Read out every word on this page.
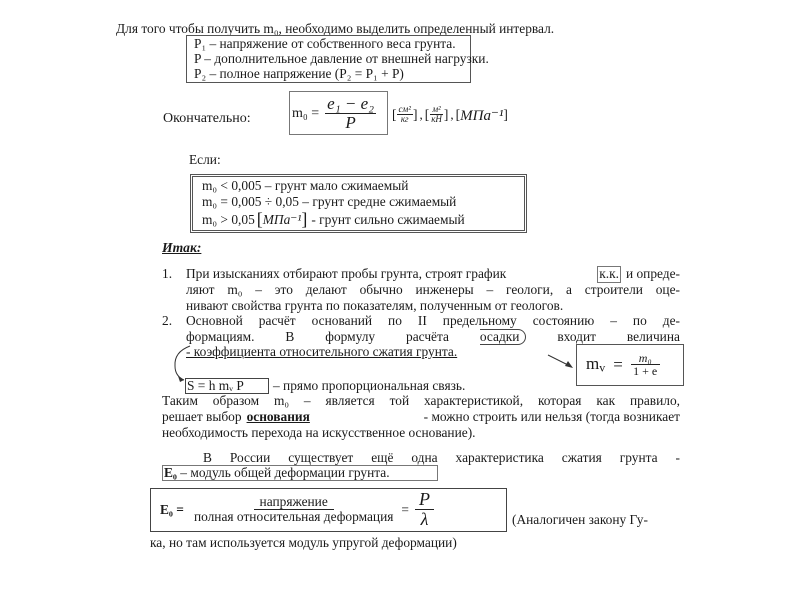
Для того чтобы получить m₀, необходимо выделить определенный интервал.
P₁ – напряжение от собственного веса грунта.
P – дополнительное давление от внешней нагрузки.
P₂ – полное напряжение (P₂ = P₁ + P)
Окончательно:	$m_0 = \frac{\text{e₁ − e₂}}{P}$ [ $\frac{\text{см²}}{кг}$ ] , [ $\frac{\text{м²}}{кН}$ ] , [ МПа⁻¹ ]
Если:
m₀ < 0,005 – грунт мало сжимаемый
m₀ = 0,005 ÷ 0,05 – грунт средне сжимаемый
m₀ > 0,05 [ МПа⁻¹ ] - грунт сильно сжимаемый
Итак:
1. При изысканиях отбирают пробы грунта, строят график	к.к. и опреде-
ляют m₀ – это делают обычно инженеры – геологи, а строители оце-
нивают свойства грунта по показателям, полученным от геологов.
2. Основной расчёт оснований по II предельному состоянию – по де-
формациям. В формулу расчёта осадки	входит величина
- коэффициента относительного сжатия грунта.
$m_v = \frac{\text{m₀}}{1 + e}$
S = h mᵥ P – прямо пропорциональная связь.
Таким образом m₀ – является той характеристикой, которая как правило,
решает выбор основания	- можно строить или нельзя (тогда возникает
необходимость перехода на искусственное основание).
В России существует ещё одна характеристика сжатия грунта -
E₀ – модуль общей деформации грунта.
$E_0 = \frac{\text{напряжение}}{\text{полная относительная деформация}} = \frac{P}{\lambda}$	(Аналогичен закону Гу-
ка, но там используется модуль упругой деформации)
